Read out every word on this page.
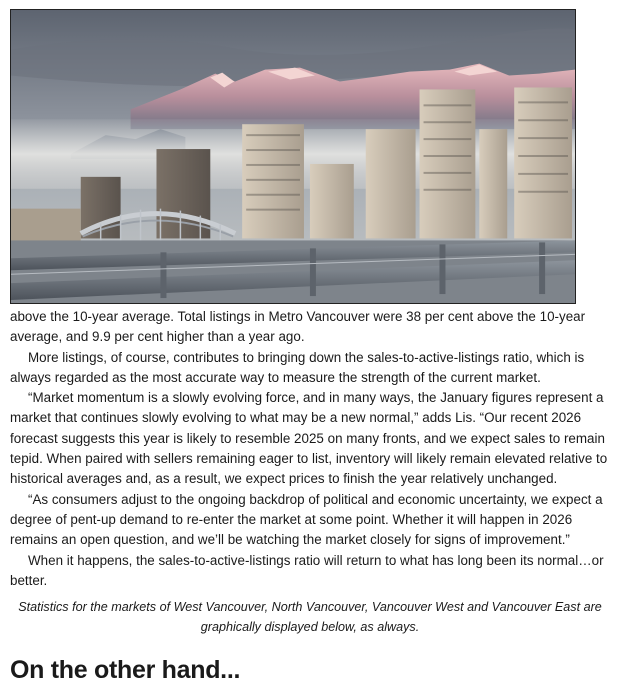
above the 10-year average. Total listings in Metro Vancouver were 38 per cent above the 10-year average, and 9.9 per cent higher than a year ago.

More listings, of course, contributes to bringing down the sales-to-active-listings ratio, which is always regarded as the most accurate way to measure the strength of the current market.

“Market momentum is a slowly evolving force, and in many ways, the January figures represent a market that continues slowly evolving to what may be a new normal,” adds Lis. “Our recent 2026 forecast suggests this year is likely to resemble 2025 on many fronts, and we expect sales to remain tepid. When paired with sellers remaining eager to list, inventory will likely remain elevated relative to historical averages and, as a result, we expect prices to finish the year relatively unchanged.

“As consumers adjust to the ongoing backdrop of political and economic uncertainty, we expect a degree of pent-up demand to re-enter the market at some point. Whether it will happen in 2026 remains an open question, and we’ll be watching the market closely for signs of improvement.”

When it happens, the sales-to-active-listings ratio will return to what has long been its normal…or better.

Statistics for the markets of West Vancouver, North Vancouver, Vancouver West and Vancouver East are graphically displayed below, as always.
On the other hand...
